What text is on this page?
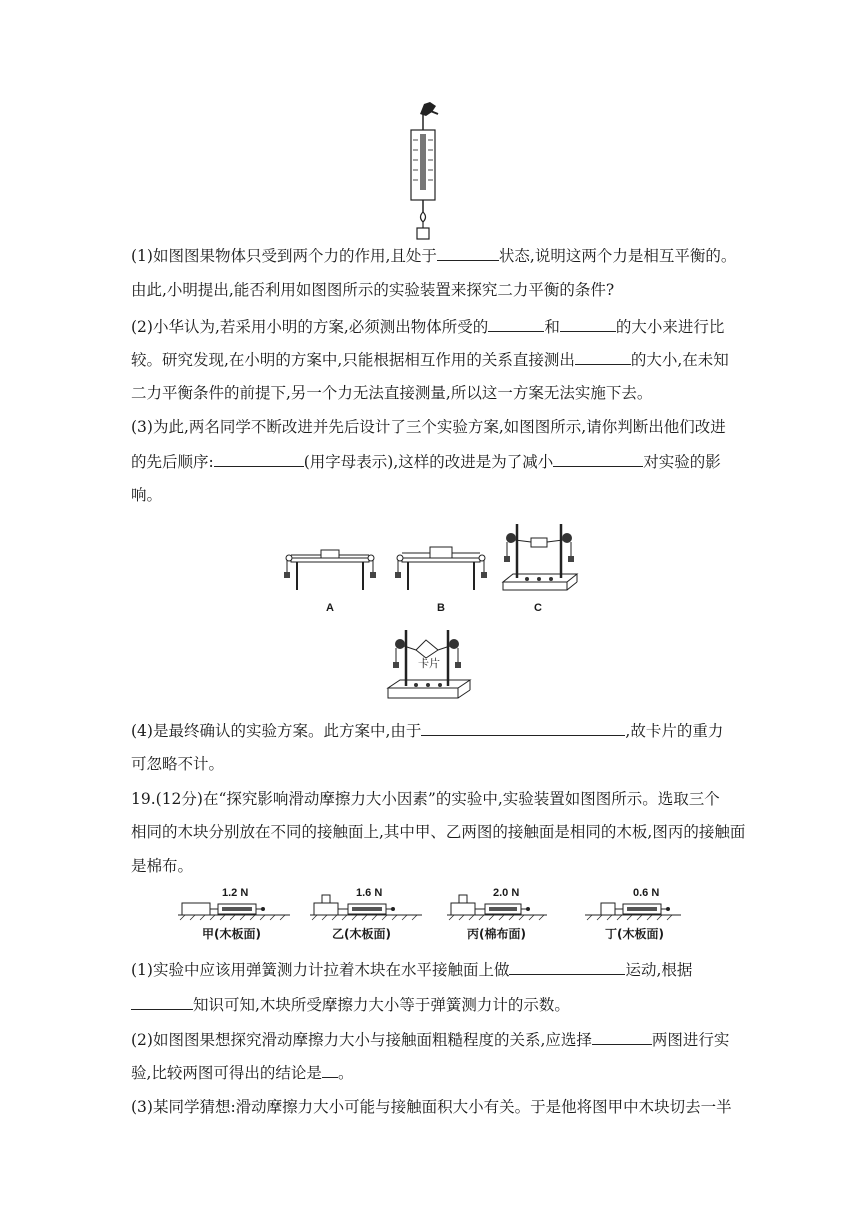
(1)如图图果物体只受到两个力的作用,且处于	状态,说明这两个力是相互平衡的。
由此,小明提出,能否利用如图图所示的实验装置来探究二力平衡的条件?
(2)小华认为,若采用小明的方案,必须测出物体所受的	和	的大小来进行比
较。研究发现,在小明的方案中,只能根据相互作用的关系直接测出	的大小,在未知
二力平衡条件的前提下,另一个力无法直接测量,所以这一方案无法实施下去。
(3)为此,两名同学不断改进并先后设计了三个实验方案,如图图所示,请你判断出他们改进
的先后顺序:	(用字母表示),这样的改进是为了减小	对实验的影
响。
A	B	C
卡片
(4)是最终确认的实验方案。此方案中,由于	,故卡片的重力
可忽略不计。
19.(12分)在“探究影响滑动摩擦力大小因素”的实验中,实验装置如图图所示。选取三个
相同的木块分别放在不同的接触面上,其中甲、乙两图的接触面是相同的木板,图丙的接触面
是棉布。
1.2 N
甲(木板面)
1.6 N
乙(木板面)
2.0 N
丙(棉布面)
0.6 N
丁(木板面)
(1)实验中应该用弹簧测力计拉着木块在水平接触面上做	运动,根据
知识可知,木块所受摩擦力大小等于弹簧测力计的示数。
(2)如图图果想探究滑动摩擦力大小与接触面粗糙程度的关系,应选择	两图进行实
验,比较两图可得出的结论是 。
(3)某同学猜想:滑动摩擦力大小可能与接触面积大小有关。于是他将图甲中木块切去一半
